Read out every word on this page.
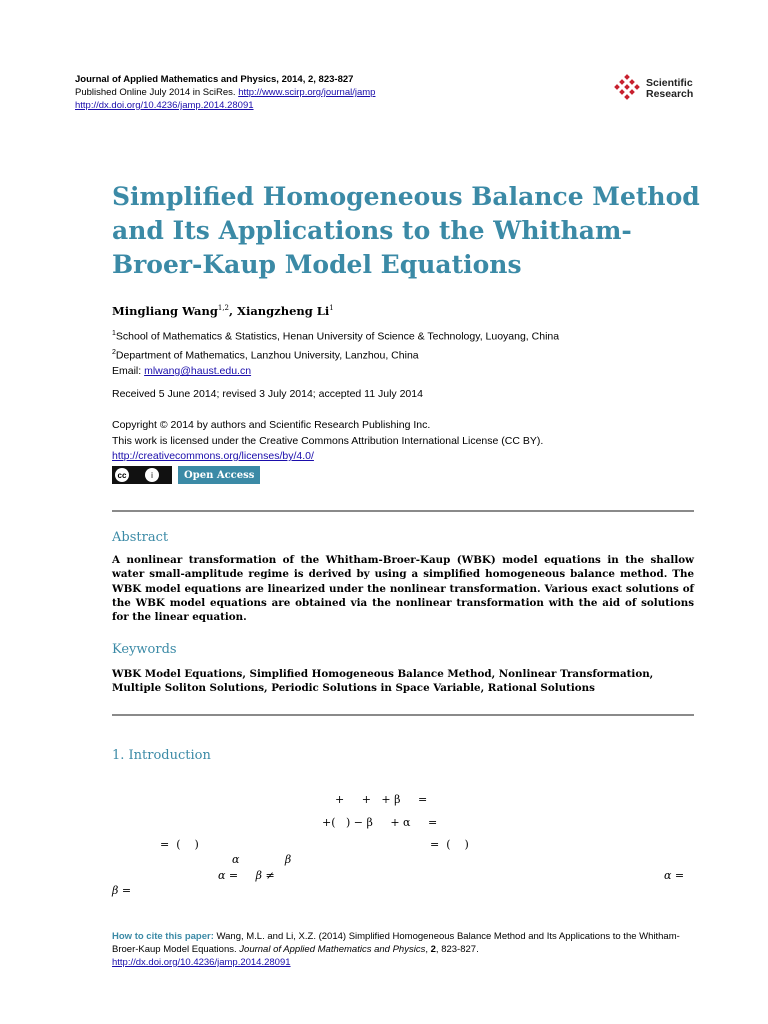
Journal of Applied Mathematics and Physics, 2014, 2, 823-827
Published Online July 2014 in SciRes. http://www.scirp.org/journal/jamp
http://dx.doi.org/10.4236/jamp.2014.28091
Scientific
Research
Simplified Homogeneous Balance Method and Its Applications to the Whitham-Broer-Kaup Model Equations
Mingliang Wang$^{1,2}$, Xiangzheng Li$^1$
$^1$School of Mathematics & Statistics, Henan University of Science & Technology, Luoyang, China
$^2$Department of Mathematics, Lanzhou University, Lanzhou, China
Email: mlwang@haust.edu.cn
Received 5 June 2014; revised 3 July 2014; accepted 11 July 2014
Copyright © 2014 by authors and Scientific Research Publishing Inc.
This work is licensed under the Creative Commons Attribution International License (CC BY).
http://creativecommons.org/licenses/by/4.0/
cc	i	Open Access
Abstract

A nonlinear transformation of the Whitham-Broer-Kaup (WBK) model equations in the shallow water small-amplitude regime is derived by using a simplified homogeneous balance method. The WBK model equations are linearized under the nonlinear transformation. Various exact solutions of the WBK model equations are obtained via the nonlinear transformation with the aid of solutions for the linear equation.

Keywords

WBK Model Equations, Simplified Homogeneous Balance Method, Nonlinear Transformation, Multiple Soliton Solutions, Periodic Solutions in Space Variable, Rational Solutions

1. Introduction
+     +   + β     =
+(   ) − β     + α     =
=  (    )	=  (    )
α             β
α =     β ≠	α =
β =
How to cite this paper: Wang, M.L. and Li, X.Z. (2014) Simplified Homogeneous Balance Method and Its Applications to the Whitham-Broer-Kaup Model Equations. Journal of Applied Mathematics and Physics, 2, 823-827.
http://dx.doi.org/10.4236/jamp.2014.28091
